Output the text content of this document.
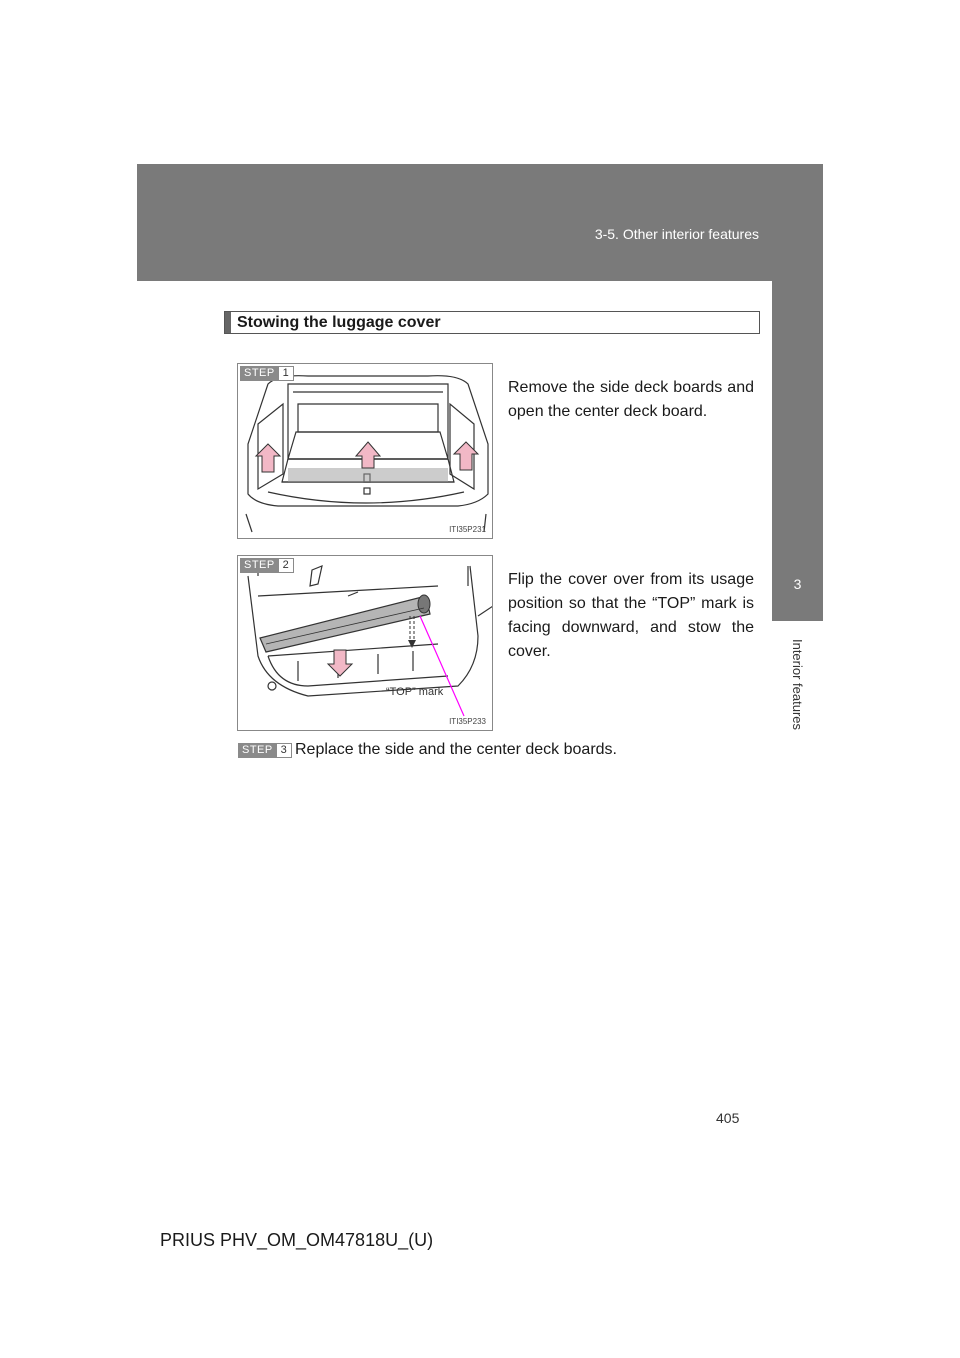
3-5. Other interior features
3
Interior features
Stowing the luggage cover
STEP 1
ITI35P231
Remove the side deck boards and open the center deck board.
STEP 2
“TOP” mark
ITI35P233
Flip the cover over from its usage position so that the “TOP” mark is facing downward, and stow the cover.
STEP 3 Replace the side and the center deck boards.
405
PRIUS PHV_OM_OM47818U_(U)
